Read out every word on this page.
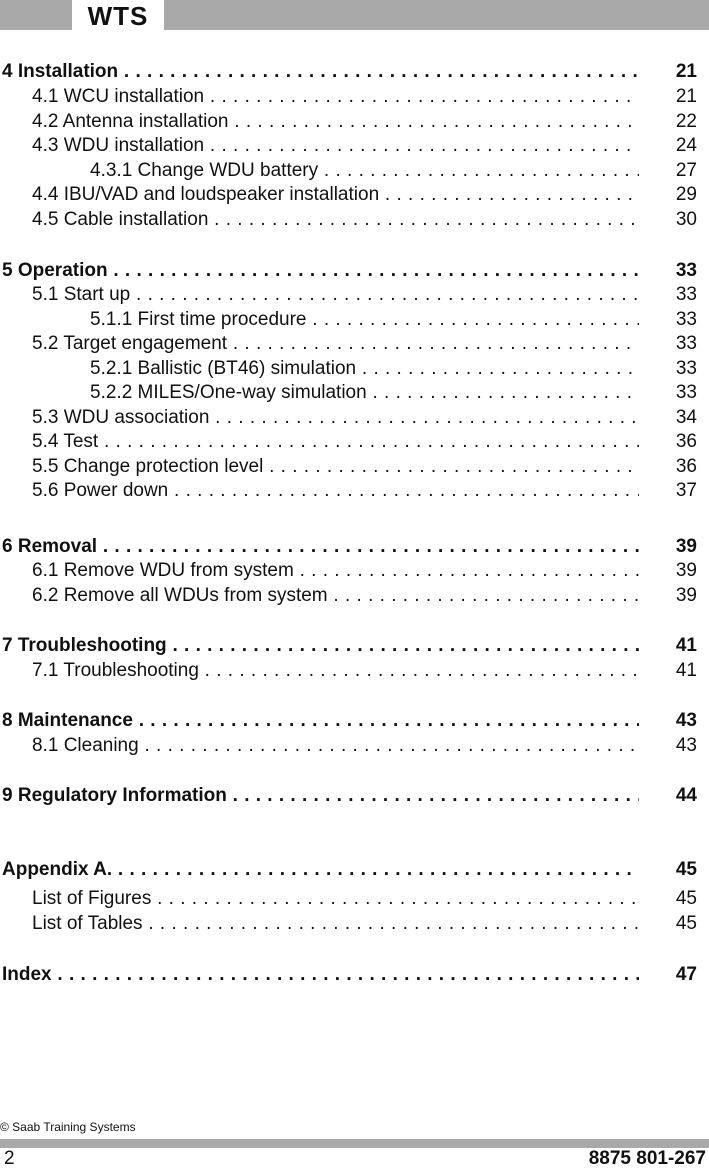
WTS
4 Installation . . .	21
4.1 WCU installation . . .	21
4.2 Antenna installation . . .	22
4.3 WDU installation . . .	24
4.3.1 Change WDU battery . . .	27
4.4 IBU/VAD and loudspeaker installation . . .	29
4.5 Cable installation . . .	30
5 Operation . . .	33
5.1 Start up . . .	33
5.1.1 First time procedure . . .	33
5.2 Target engagement . . .	33
5.2.1 Ballistic (BT46) simulation . . .	33
5.2.2 MILES/One-way simulation . . .	33
5.3 WDU association . . .	34
5.4 Test . . .	36
5.5 Change protection level . . .	36
5.6 Power down . . .	37
6 Removal . . .	39
6.1 Remove WDU from system . . .	39
6.2 Remove all WDUs from system . . .	39
7 Troubleshooting . . .	41
7.1 Troubleshooting . . .	41
8 Maintenance . . .	43
8.1 Cleaning . . .	43
9 Regulatory Information . . .	44
Appendix A. . . .	45
List of Figures . . .	45
List of Tables . . .	45
Index . . .	47
© Saab Training Systems
2	8875 801-267
